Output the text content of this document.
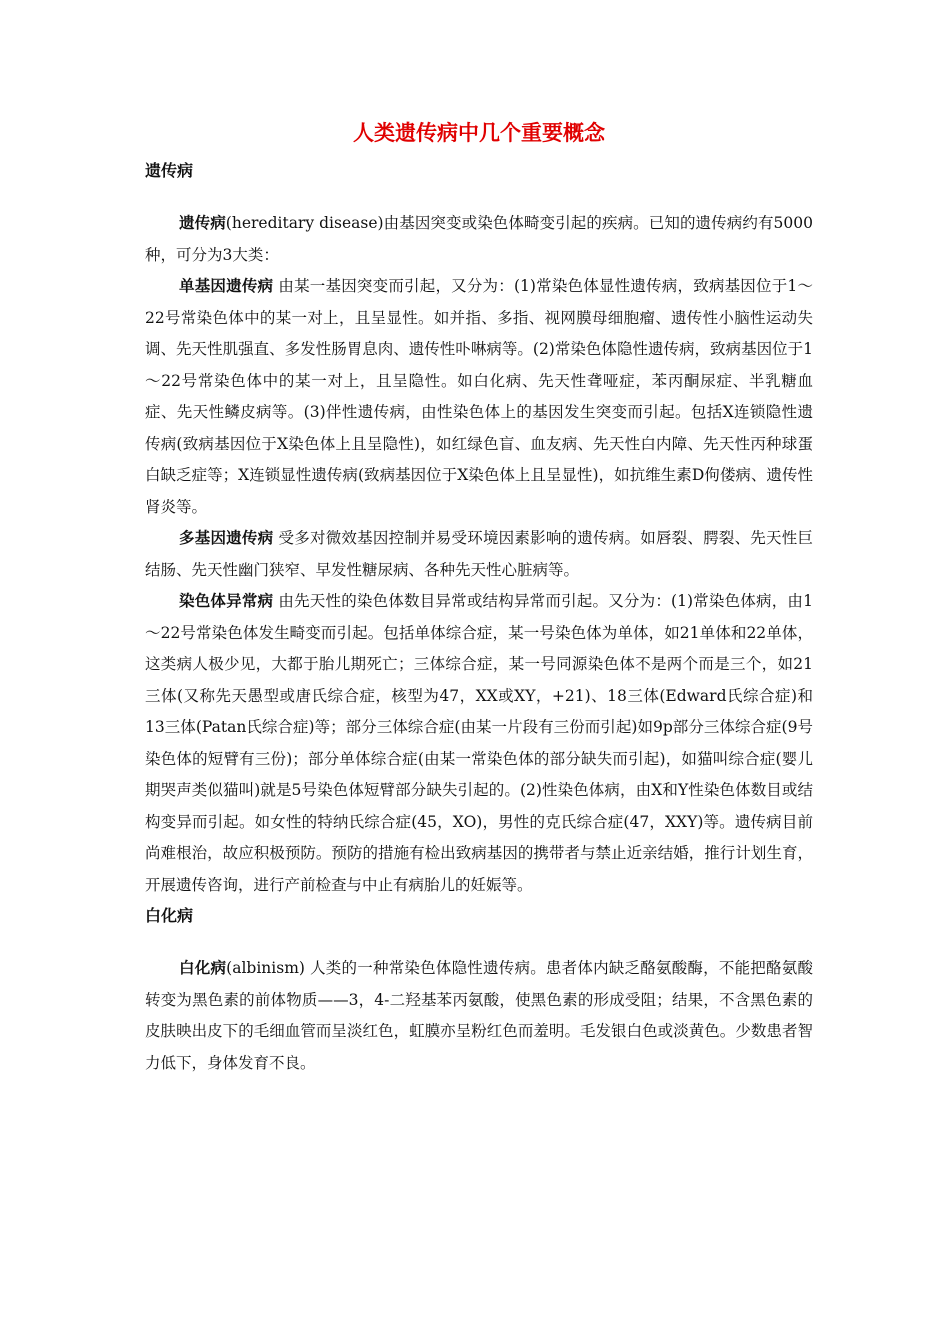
人类遗传病中几个重要概念
遗传病

遗传病(hereditary disease)由基因突变或染色体畸变引起的疾病。已知的遗传病约有5000种，可分为3大类：

单基因遗传病 由某一基因突变而引起，又分为：(1)常染色体显性遗传病，致病基因位于1～22号常染色体中的某一对上，且呈显性。如并指、多指、视网膜母细胞瘤、遗传性小脑性运动失调、先天性肌强直、多发性肠胃息肉、遗传性卟啉病等。(2)常染色体隐性遗传病，致病基因位于1～22号常染色体中的某一对上，且呈隐性。如白化病、先天性聋哑症，苯丙酮尿症、半乳糖血症、先天性鳞皮病等。(3)伴性遗传病，由性染色体上的基因发生突变而引起。包括X连锁隐性遗传病(致病基因位于X染色体上且呈隐性)，如红绿色盲、血友病、先天性白内障、先天性丙种球蛋白缺乏症等；X连锁显性遗传病(致病基因位于X染色体上且呈显性)，如抗维生素D佝偻病、遗传性肾炎等。

多基因遗传病 受多对微效基因控制并易受环境因素影响的遗传病。如唇裂、腭裂、先天性巨结肠、先天性幽门狭窄、早发性糖尿病、各种先天性心脏病等。

染色体异常病 由先天性的染色体数目异常或结构异常而引起。又分为：(1)常染色体病，由1～22号常染色体发生畸变而引起。包括单体综合症，某一号染色体为单体，如21单体和22单体，这类病人极少见，大都于胎儿期死亡；三体综合症，某一号同源染色体不是两个而是三个，如21三体(又称先天愚型或唐氏综合症，核型为47，XX或XY，+21)、18三体(Edward氏综合症)和13三体(Patan氏综合症)等；部分三体综合症(由某一片段有三份而引起)如9p部分三体综合症(9号染色体的短臂有三份)；部分单体综合症(由某一常染色体的部分缺失而引起)，如猫叫综合症(婴儿期哭声类似猫叫)就是5号染色体短臂部分缺失引起的。(2)性染色体病，由X和Y性染色体数目或结构变异而引起。如女性的特纳氏综合症(45，XO)，男性的克氏综合症(47，XXY)等。遗传病目前尚难根治，故应积极预防。预防的措施有检出致病基因的携带者与禁止近亲结婚，推行计划生育，开展遗传咨询，进行产前检查与中止有病胎儿的妊娠等。

白化病

白化病(albinism) 人类的一种常染色体隐性遗传病。患者体内缺乏酪氨酸酶，不能把酪氨酸转变为黑色素的前体物质——3，4-二羟基苯丙氨酸，使黑色素的形成受阻；结果，不含黑色素的皮肤映出皮下的毛细血管而呈淡红色，虹膜亦呈粉红色而羞明。毛发银白色或淡黄色。少数患者智力低下，身体发育不良。
